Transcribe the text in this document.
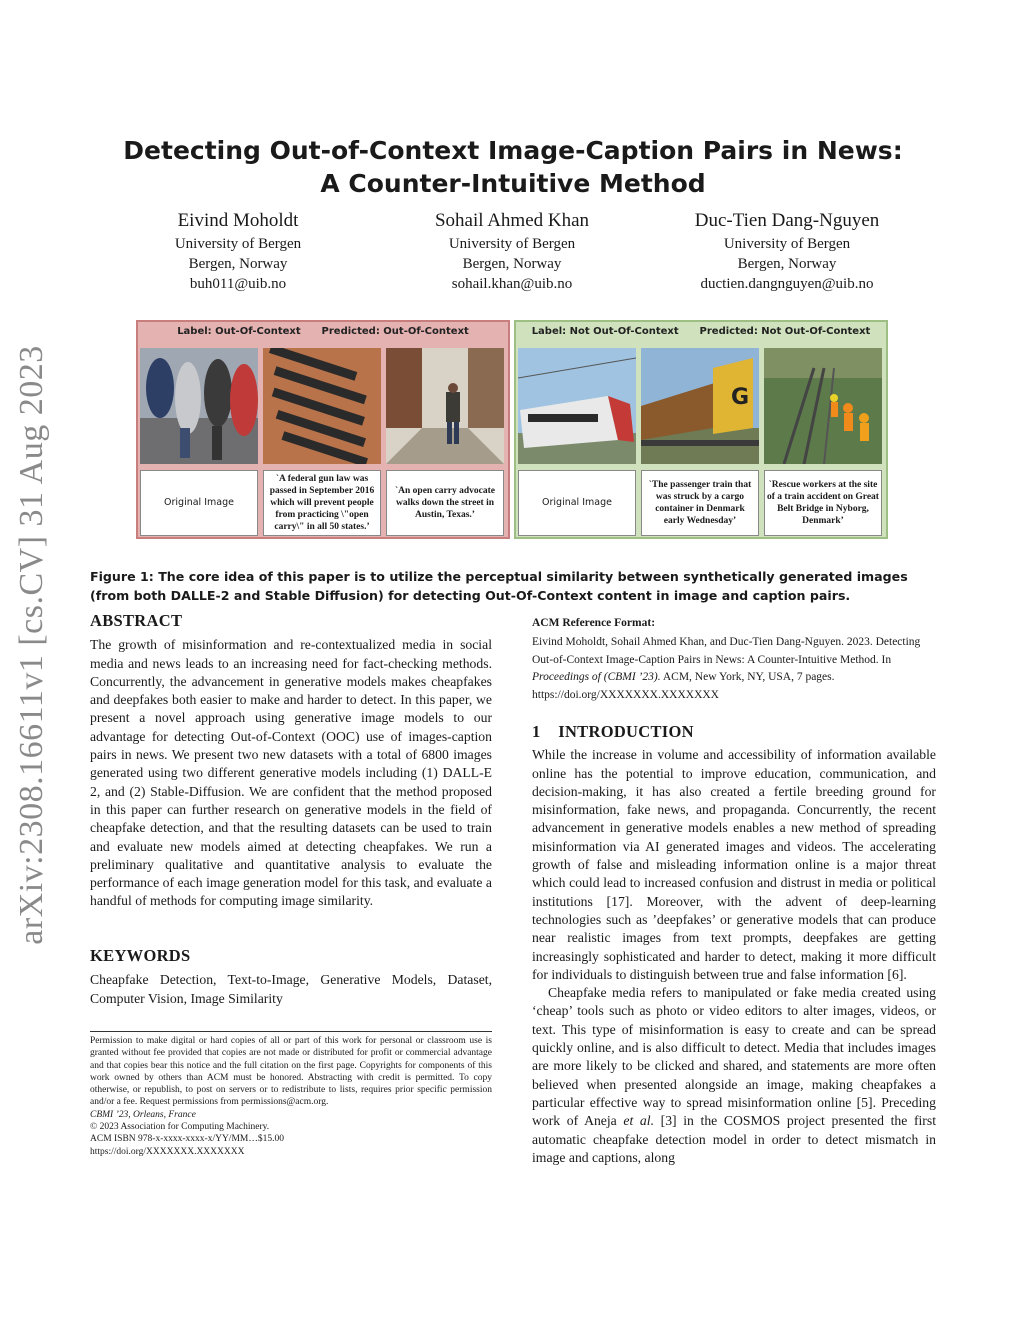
arXiv:2308.16611v1 [cs.CV] 31 Aug 2023
Detecting Out-of-Context Image-Caption Pairs in News:
A Counter-Intuitive Method
Eivind Moholdt
University of Bergen
Bergen, Norway
buh011@uib.no
Sohail Ahmed Khan
University of Bergen
Bergen, Norway
sohail.khan@uib.no
Duc-Tien Dang-Nguyen
University of Bergen
Bergen, Norway
ductien.dangnguyen@uib.no
Label: Out-Of-Context      Predicted: Out-Of-Context
Original Image
`A federal gun law was passed in September 2016 which will prevent people from practicing \"open carry\" in all 50 states.’
`An open carry advocate walks down the street in Austin, Texas.’
Label: Not Out-Of-Context      Predicted: Not Out-Of-Context
G
Original Image
`The passenger train that was struck by a cargo container in Denmark early Wednesday’
`Rescue workers at the site of a train accident on Great Belt Bridge in Nyborg, Denmark’
Figure 1: The core idea of this paper is to utilize the perceptual similarity between synthetically generated images (from both DALLE-2 and Stable Diffusion) for detecting Out-Of-Context content in image and caption pairs.
ABSTRACT

The growth of misinformation and re-contextualized media in social media and news leads to an increasing need for fact-checking methods. Concurrently, the advancement in generative models makes cheapfakes and deepfakes both easier to make and harder to detect. In this paper, we present a novel approach using generative image models to our advantage for detecting Out-of-Context (OOC) use of images-caption pairs in news. We present two new datasets with a total of 6800 images generated using two different generative models including (1) DALL-E 2, and (2) Stable-Diffusion. We are confident that the method proposed in this paper can further research on generative models in the field of cheapfake detection, and that the resulting datasets can be used to train and evaluate new models aimed at detecting cheapfakes. We run a preliminary qualitative and quantitative analysis to evaluate the performance of each image generation model for this task, and evaluate a handful of methods for computing image similarity.

KEYWORDS

Cheapfake Detection, Text-to-Image, Generative Models, Dataset, Computer Vision, Image Similarity

Permission to make digital or hard copies of all or part of this work for personal or classroom use is granted without fee provided that copies are not made or distributed for profit or commercial advantage and that copies bear this notice and the full citation on the first page. Copyrights for components of this work owned by others than ACM must be honored. Abstracting with credit is permitted. To copy otherwise, or republish, to post on servers or to redistribute to lists, requires prior specific permission and/or a fee. Request permissions from permissions@acm.org.

CBMI ’23, Orleans, France

© 2023 Association for Computing Machinery.

ACM ISBN 978-x-xxxx-xxxx-x/YY/MM…$15.00

https://doi.org/XXXXXXX.XXXXXXX

ACM Reference Format:

Eivind Moholdt, Sohail Ahmed Khan, and Duc-Tien Dang-Nguyen. 2023. Detecting Out-of-Context Image-Caption Pairs in News: A Counter-Intuitive Method. In Proceedings of (CBMI ’23). ACM, New York, NY, USA, 7 pages. https://doi.org/XXXXXXX.XXXXXXX

1    INTRODUCTION

While the increase in volume and accessibility of information available online has the potential to improve education, communication, and decision-making, it has also created a fertile breeding ground for misinformation, fake news, and propaganda. Concurrently, the recent advancement in generative models enables a new method of spreading misinformation via AI generated images and videos. The accelerating growth of false and misleading information online is a major threat which could lead to increased confusion and distrust in media or political institutions [17]. Moreover, with the advent of deep-learning technologies such as ’deepfakes’ or generative models that can produce near realistic images from text prompts, deepfakes are getting increasingly sophisticated and harder to detect, making it more difficult for individuals to distinguish between true and false information [6].

Cheapfake media refers to manipulated or fake media created using ‘cheap’ tools such as photo or video editors to alter images, videos, or text. This type of misinformation is easy to create and can be spread quickly online, and is also difficult to detect. Media that includes images are more likely to be clicked and shared, and statements are more often believed when presented alongside an image, making cheapfakes a particular effective way to spread misinformation online [5]. Preceding work of Aneja et al. [3] in the COSMOS project presented the first automatic cheapfake detection model in order to detect mismatch in image and captions, along
